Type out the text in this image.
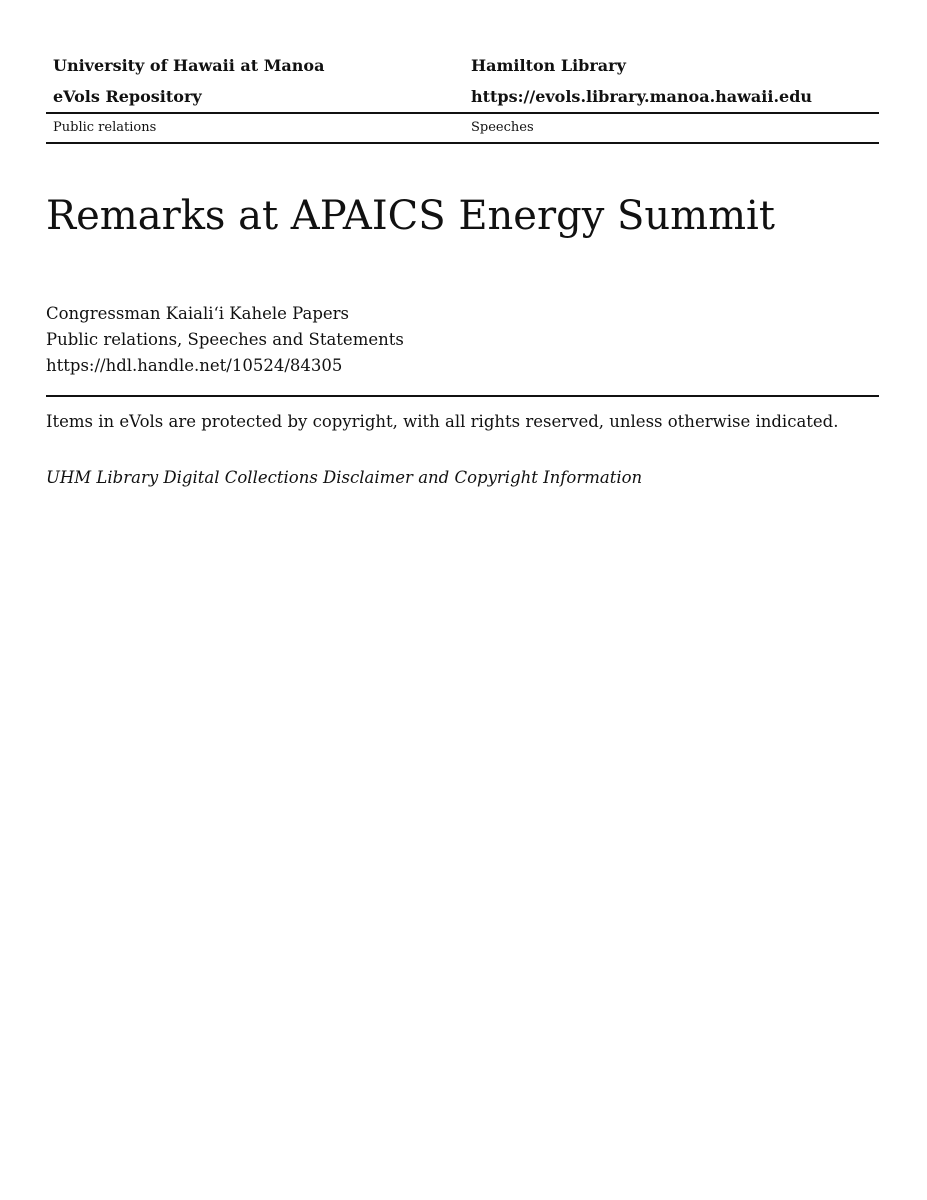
University of Hawaii at Manoa	Hamilton Library
eVols Repository	https://evols.library.manoa.hawaii.edu
Public relations	Speeches
Remarks at APAICS Energy Summit
Congressman Kaialiʻi Kahele Papers
Public relations, Speeches and Statements
https://hdl.handle.net/10524/84305
Items in eVols are protected by copyright, with all rights reserved, unless otherwise indicated.
UHM Library Digital Collections Disclaimer and Copyright Information
